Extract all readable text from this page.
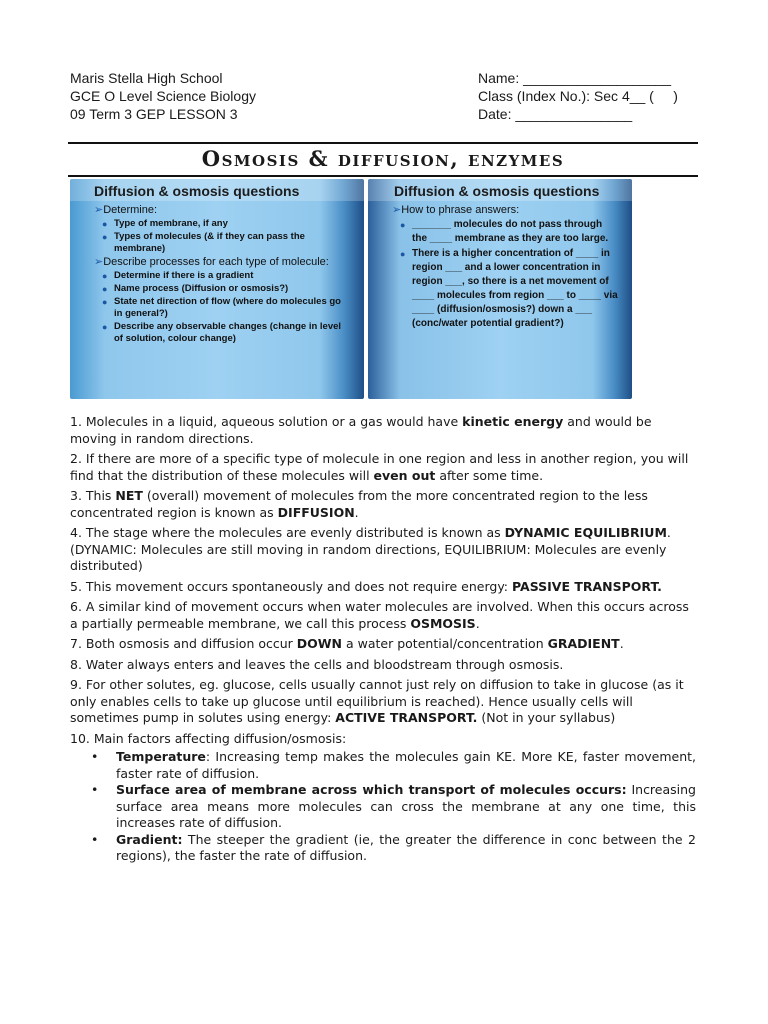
Maris Stella High School
GCE O Level Science Biology
09 Term 3 GEP LESSON 3
Name: ___________________
Class (Index No.): Sec 4__ (     )
Date: _______________
Osmosis & diffusion, enzymes
Diffusion & osmosis questions
➢Determine:
● Type of membrane, if any
● Types of molecules (& if they can pass the membrane)
➢Describe processes for each type of molecule:
● Determine if there is a gradient
● Name process (Diffusion or osmosis?)
● State net direction of flow (where do molecules go in general?)
● Describe any observable changes (change in level of solution, colour change)
Diffusion & osmosis questions
➢How to phrase answers:
● _______ molecules do not pass through the ____ membrane as they are too large.
● There is a higher concentration of ____ in region ___ and a lower concentration in region ___, so there is a net movement of ____ molecules from region ___ to ____ via ____ (diffusion/osmosis?) down a ___ (conc/water potential gradient?)

1. Molecules in a liquid, aqueous solution or a gas would have kinetic energy and would be moving in random directions.

2. If there are more of a specific type of molecule in one region and less in another region, you will find that the distribution of these molecules will even out after some time.

3. This NET (overall) movement of molecules from the more concentrated region to the less concentrated region is known as DIFFUSION.

4. The stage where the molecules are evenly distributed is known as DYNAMIC EQUILIBRIUM. (DYNAMIC: Molecules are still moving in random directions, EQUILIBRIUM: Molecules are evenly distributed)

5. This movement occurs spontaneously and does not require energy: PASSIVE TRANSPORT.

6. A similar kind of movement occurs when water molecules are involved. When this occurs across a partially permeable membrane, we call this process OSMOSIS.

7. Both osmosis and diffusion occur DOWN a water potential/concentration GRADIENT.

8. Water always enters and leaves the cells and bloodstream through osmosis.

9. For other solutes, eg. glucose, cells usually cannot just rely on diffusion to take in glucose (as it only enables cells to take up glucose until equilibrium is reached). Hence usually cells will sometimes pump in solutes using energy: ACTIVE TRANSPORT. (Not in your syllabus)

10. Main factors affecting diffusion/osmosis:

• Temperature: Increasing temp makes the molecules gain KE. More KE, faster movement, faster rate of diffusion.
• Surface area of membrane across which transport of molecules occurs: Increasing surface area means more molecules can cross the membrane at any one time, this increases rate of diffusion.
• Gradient: The steeper the gradient (ie, the greater the difference in conc between the 2 regions), the faster the rate of diffusion.
